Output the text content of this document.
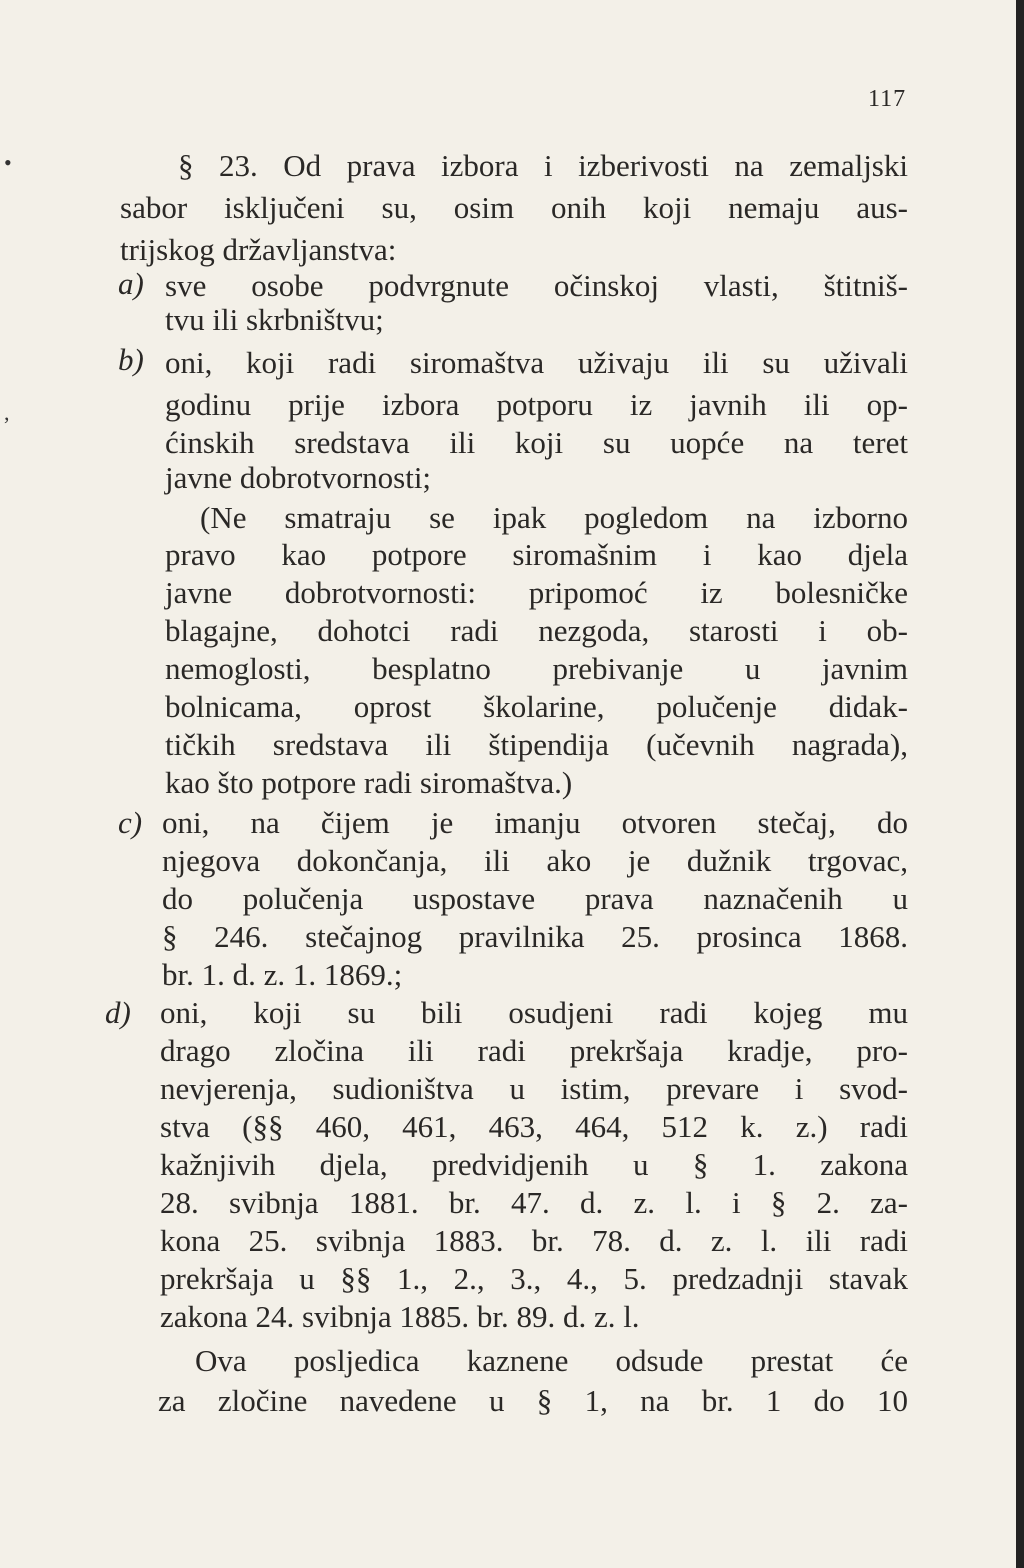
•
,
117
§ 23. Od prava izbora i izberivosti na zemaljski
sabor isključeni su, osim onih koji nemaju aus-
trijskog državljanstva:
a) sve osobe podvrgnute očinskoj vlasti, štitniš-
tvu ili skrbništvu;
b) oni, koji radi siromaštva uživaju ili su uživali
godinu prije izbora potporu iz javnih ili op-
ćinskih sredstava ili koji su uopće na teret
javne dobrotvornosti;
(Ne smatraju se ipak pogledom na izborno
pravo kao potpore siromašnim i kao djela
javne dobrotvornosti: pripomoć iz bolesničke
blagajne, dohotci radi nezgoda, starosti i ob-
nemoglosti, besplatno prebivanje u javnim
bolnicama, oprost školarine, polučenje didak-
tičkih sredstava ili štipendija (učevnih nagrada),
kao što potpore radi siromaštva.)
c) oni, na čijem je imanju otvoren stečaj, do
njegova dokončanja, ili ako je dužnik trgovac,
do polučenja uspostave prava naznačenih u
§ 246. stečajnog pravilnika 25. prosinca 1868.
br. 1. d. z. 1. 1869.;
d) oni, koji su bili osudjeni radi kojeg mu
drago zločina ili radi prekršaja kradje, pro-
nevjerenja, sudioništva u istim, prevare i svod-
stva (§§ 460, 461, 463, 464, 512 k. z.) radi
kažnjivih djela, predvidjenih u § 1. zakona
28. svibnja 1881. br. 47. d. z. l. i § 2. za-
kona 25. svibnja 1883. br. 78. d. z. l. ili radi
prekršaja u §§ 1., 2., 3., 4., 5. predzadnji stavak
zakona 24. svibnja 1885. br. 89. d. z. l.
Ova posljedica kaznene odsude prestat će
za zločine navedene u § 1, na br. 1 do 10
